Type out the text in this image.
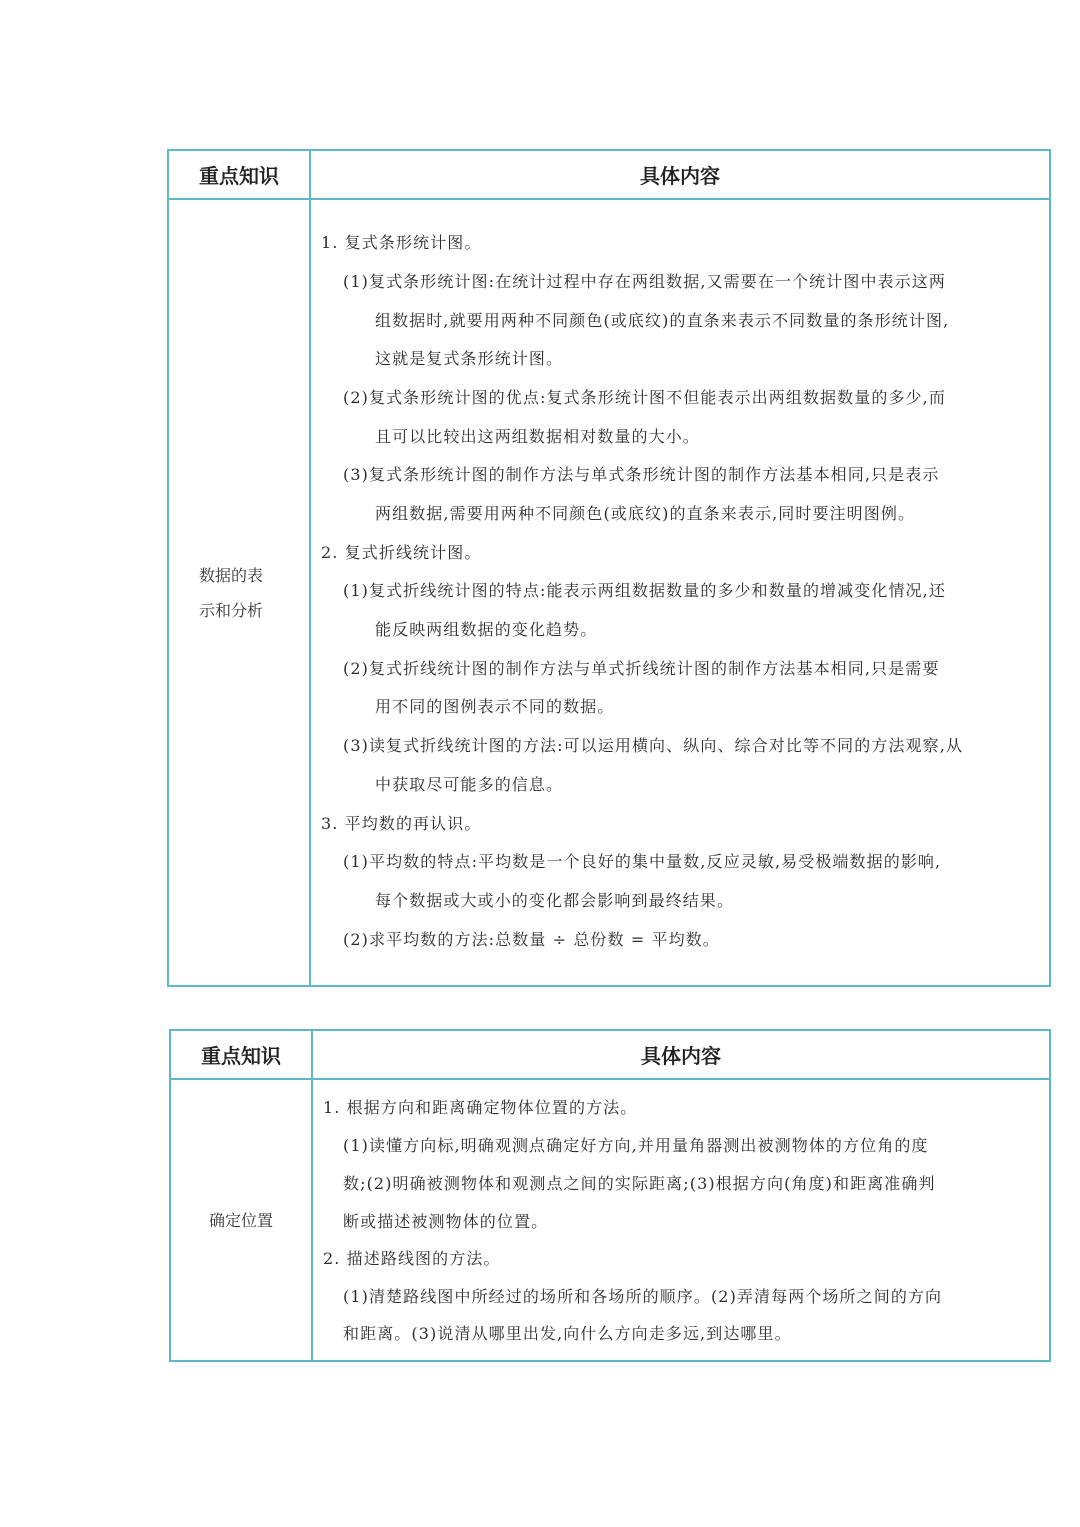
重点知识	具体内容
数据的表
示和分析
1. 复式条形统计图。
(1)复式条形统计图:在统计过程中存在两组数据,又需要在一个统计图中表示这两
组数据时,就要用两种不同颜色(或底纹)的直条来表示不同数量的条形统计图,
这就是复式条形统计图。
(2)复式条形统计图的优点:复式条形统计图不但能表示出两组数据数量的多少,而
且可以比较出这两组数据相对数量的大小。
(3)复式条形统计图的制作方法与单式条形统计图的制作方法基本相同,只是表示
两组数据,需要用两种不同颜色(或底纹)的直条来表示,同时要注明图例。
2. 复式折线统计图。
(1)复式折线统计图的特点:能表示两组数据数量的多少和数量的增减变化情况,还
能反映两组数据的变化趋势。
(2)复式折线统计图的制作方法与单式折线统计图的制作方法基本相同,只是需要
用不同的图例表示不同的数据。
(3)读复式折线统计图的方法:可以运用横向、纵向、综合对比等不同的方法观察,从
中获取尽可能多的信息。
3. 平均数的再认识。
(1)平均数的特点:平均数是一个良好的集中量数,反应灵敏,易受极端数据的影响,
每个数据或大或小的变化都会影响到最终结果。
(2)求平均数的方法:总数量 ÷ 总份数 = 平均数。
重点知识	具体内容
确定位置
1. 根据方向和距离确定物体位置的方法。
(1)读懂方向标,明确观测点确定好方向,并用量角器测出被测物体的方位角的度
数;(2)明确被测物体和观测点之间的实际距离;(3)根据方向(角度)和距离准确判
断或描述被测物体的位置。
2. 描述路线图的方法。
(1)清楚路线图中所经过的场所和各场所的顺序。(2)弄清每两个场所之间的方向
和距离。(3)说清从哪里出发,向什么方向走多远,到达哪里。
